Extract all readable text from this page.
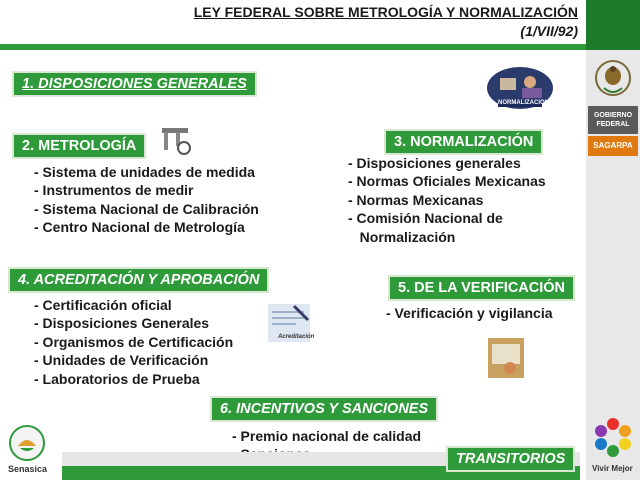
LEY FEDERAL SOBRE METROLOGÍA Y NORMALIZACIÓN
(1/VII/92)
GOBIERNO FEDERAL
SAGARPA
1. DISPOSICIONES GENERALES
NORMALIZACION
2. METROLOGÍA
- Sistema de unidades de medida
- Instrumentos de medir
- Sistema Nacional de Calibración
- Centro Nacional de Metrología
3. NORMALIZACIÓN
- Disposiciones generales
- Normas Oficiales Mexicanas
- Normas Mexicanas
- Comisión Nacional de
Normalización
4. ACREDITACIÓN Y APROBACIÓN
- Certificación oficial
- Disposiciones Generales
- Organismos de Certificación
- Unidades de Verificación
- Laboratorios de Prueba
Acreditación
5. DE LA VERIFICACIÓN
- Verificación y vigilancia
6. INCENTIVOS Y SANCIONES
- Premio nacional de calidad
TRANSITORIOS
Senasica	Vivir Mejor
